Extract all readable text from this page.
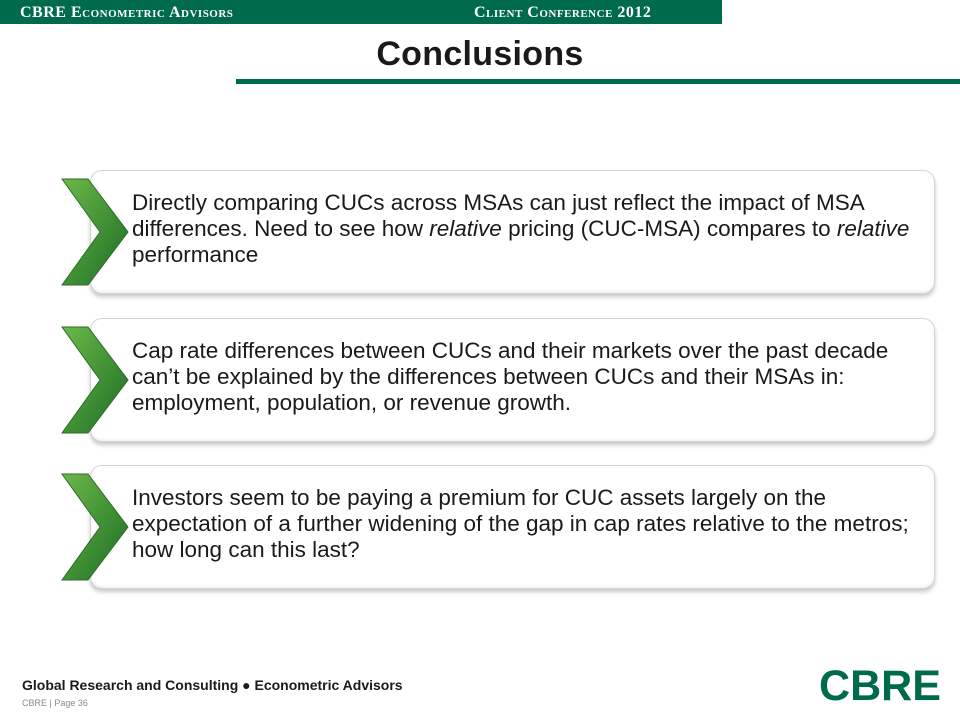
CBRE Econometric Advisors	Client Conference 2012
Conclusions
Directly comparing CUCs across MSAs can just reflect the impact of MSA differences. Need to see how relative pricing (CUC-MSA) compares to relative performance
Cap rate differences between CUCs and their markets over the past decade can’t be explained by the differences between CUCs and their MSAs in: employment, population, or revenue growth.
Investors seem to be paying a premium for CUC assets largely on the expectation of a further widening of the gap in cap rates relative to the metros; how long can this last?
Global Research and Consulting ● Econometric Advisors
CBRE | Page 36	CBRE
